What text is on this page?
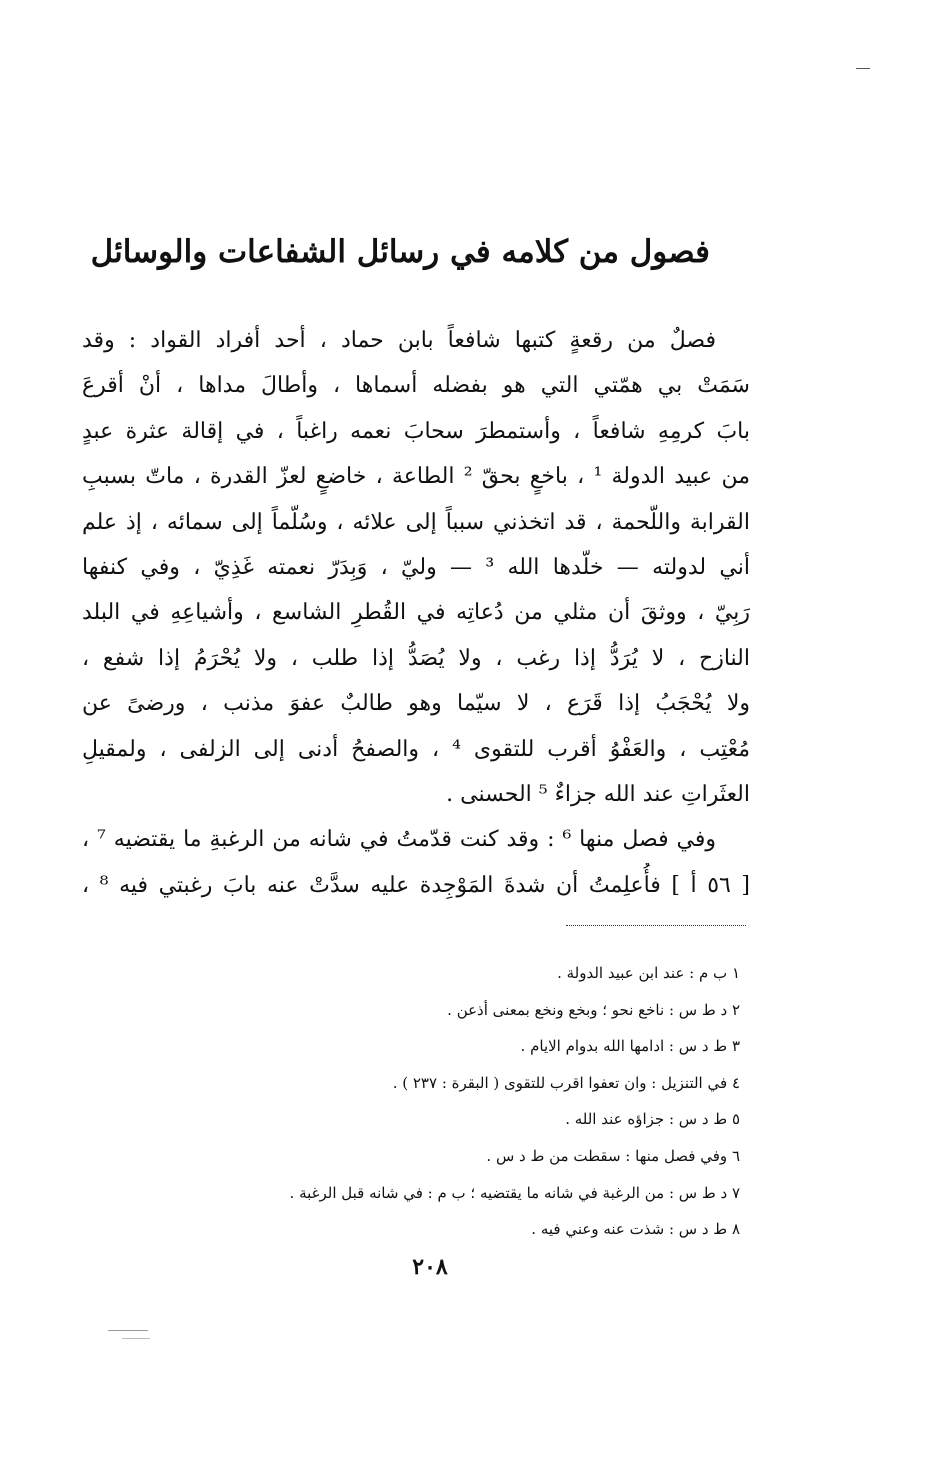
فصول من كلامه في رسائل الشفاعات والوسائل
فصلٌ من رقعةٍ كتبها شافعاً بابن حماد ، أحد أفراد القواد : وقد
سَمَتْ بي همّتي التي هو بفضله أسماها ، وأطالَ مداها ، أنْ أقرعَ
بابَ كرمِهِ شافعاً ، وأستمطرَ سحابَ نعمه راغباً ، في إقالة عثرة عبدٍ
من عبيد الدولة ¹ ، باخعٍ بحقّ ² الطاعة ، خاضعٍ لعزّ القدرة ، ماتّ بسببِ
القرابة واللّحمة ، قد اتخذني سبباً إلى علائه ، وسُلّماً إلى سمائه ، إذ علم
أني لدولته — خلّدها الله ³ — وليّ ، وَبِدَرّ نعمته غَذِيّ ، وفي كنفها
رَبِيّ ، ووثقَ أن مثلي من دُعاتِه في القُطرِ الشاسع ، وأشياعِهِ في البلد
النازح ، لا يُرَدُّ إذا رغب ، ولا يُصَدُّ إذا طلب ، ولا يُحْرَمُ إذا شفع ،
ولا يُحْجَبُ إذا قَرَع ، لا سيّما وهو طالبٌ عفوَ مذنب ، ورضىً عن
مُعْتِب ، والعَفْوُ أقرب للتقوى ⁴ ، والصفحُ أدنى إلى الزلفى ، ولمقيلِ
العثَراتِ عند الله جزاءٌ ⁵ الحسنى .
وفي فصل منها ⁶ : وقد كنت قدّمتُ في شانه من الرغبةِ ما يقتضيه ⁷ ،
[ ٥٦ أ ] فأُعلِمتُ أن شدةَ المَوْجِدة عليه سدَّتْ عنه بابَ رغبتي فيه ⁸ ،
١ ب م : عند ابن عبيد الدولة .
٢ د ط س : ناخع نحو ؛ وبخع ونخع بمعنى أذعن .
٣ ط د س : ادامها الله بدوام الايام .
٤ في التنزيل : وان تعفوا اقرب للتقوى ( البقرة : ٢٣٧ ) .
٥ ط د س : جزاؤه عند الله .
٦ وفي فصل منها : سقطت من ط د س .
٧ د ط س : من الرغبة في شانه ما يقتضيه ؛ ب م : في شانه قبل الرغبة .
٨ ط د س : شذت عنه وعني فيه .
٢٠٨
